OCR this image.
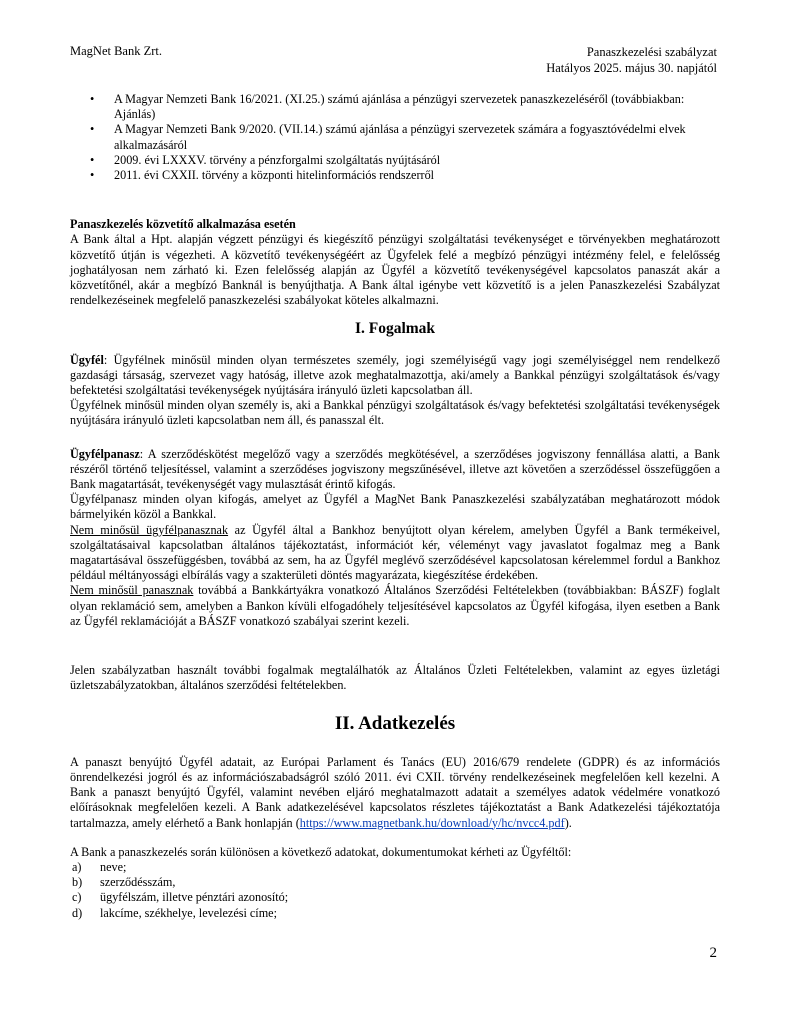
MagNet Bank Zrt.	Panaszkezelési szabályzat
Hatályos 2025. május 30. napjától
• A Magyar Nemzeti Bank 16/2021. (XI.25.) számú ajánlása a pénzügyi szervezetek panaszkezeléséről (továbbiakban: Ajánlás)
• A Magyar Nemzeti Bank 9/2020. (VII.14.) számú ajánlása a pénzügyi szervezetek számára a fogyasztóvédelmi elvek alkalmazásáról
• 2009. évi LXXXV. törvény a pénzforgalmi szolgáltatás nyújtásáról
• 2011. évi CXXII. törvény a központi hitelinformációs rendszerről

Panaszkezelés közvetítő alkalmazása esetén

A Bank által a Hpt. alapján végzett pénzügyi és kiegészítő pénzügyi szolgáltatási tevékenységet e törvényekben meghatározott közvetítő útján is végezheti. A közvetítő tevékenységéért az Ügyfelek felé a megbízó pénzügyi intézmény felel, e felelősség joghatályosan nem zárható ki. Ezen felelősség alapján az Ügyfél a közvetítő tevékenységével kapcsolatos panaszát akár a közvetítőnél, akár a megbízó Banknál is benyújthatja. A Bank által igénybe vett közvetítő is a jelen Panaszkezelési Szabályzat rendelkezéseinek megfelelő panaszkezelési szabályokat köteles alkalmazni.

I. Fogalmak

Ügyfél: Ügyfélnek minősül minden olyan természetes személy, jogi személyiségű vagy jogi személyiséggel nem rendelkező gazdasági társaság, szervezet vagy hatóság, illetve azok meghatalmazottja, aki/amely a Bankkal pénzügyi szolgáltatások és/vagy befektetési szolgáltatási tevékenységek nyújtására irányuló üzleti kapcsolatban áll.

Ügyfélnek minősül minden olyan személy is, aki a Bankkal pénzügyi szolgáltatások és/vagy befektetési szolgáltatási tevékenységek nyújtására irányuló üzleti kapcsolatban nem áll, és panasszal élt.

Ügyfélpanasz: A szerződéskötést megelőző vagy a szerződés megkötésével, a szerződéses jogviszony fennállása alatti, a Bank részéről történő teljesítéssel, valamint a szerződéses jogviszony megszűnésével, illetve azt követően a szerződéssel összefüggően a Bank magatartását, tevékenységét vagy mulasztását érintő kifogás.

Ügyfélpanasz minden olyan kifogás, amelyet az Ügyfél a MagNet Bank Panaszkezelési szabályzatában meghatározott módok bármelyikén közöl a Bankkal.

Nem minősül ügyfélpanasznak az Ügyfél által a Bankhoz benyújtott olyan kérelem, amelyben Ügyfél a Bank termékeivel, szolgáltatásaival kapcsolatban általános tájékoztatást, információt kér, véleményt vagy javaslatot fogalmaz meg a Bank magatartásával összefüggésben, továbbá az sem, ha az Ügyfél meglévő szerződésével kapcsolatosan kérelemmel fordul a Bankhoz például méltányossági elbírálás vagy a szakterületi döntés magyarázata, kiegészítése érdekében.

Nem minősül panasznak továbbá a Bankkártyákra vonatkozó Általános Szerződési Feltételekben (továbbiakban: BÁSZF) foglalt olyan reklamáció sem, amelyben a Bankon kívüli elfogadóhely teljesítésével kapcsolatos az Ügyfél kifogása, ilyen esetben a Bank az Ügyfél reklamációját a BÁSZF vonatkozó szabályai szerint kezeli.

Jelen szabályzatban használt további fogalmak megtalálhatók az Általános Üzleti Feltételekben, valamint az egyes üzletági üzletszabályzatokban, általános szerződési feltételekben.

II. Adatkezelés

A panaszt benyújtó Ügyfél adatait, az Európai Parlament és Tanács (EU) 2016/679 rendelete (GDPR) és az információs önrendelkezési jogról és az információszabadságról szóló 2011. évi CXII. törvény rendelkezéseinek megfelelően kell kezelni. A Bank a panaszt benyújtó Ügyfél, valamint nevében eljáró meghatalmazott adatait a személyes adatok védelmére vonatkozó előírásoknak megfelelően kezeli. A Bank adatkezelésével kapcsolatos részletes tájékoztatást a Bank Adatkezelési tájékoztatója tartalmazza, amely elérhető a Bank honlapján (https://www.magnetbank.hu/download/y/hc/nvcc4.pdf).

A Bank a panaszkezelés során különösen a következő adatokat, dokumentumokat kérheti az Ügyféltől:

a) neve;
b) szerződésszám,
c) ügyfélszám, illetve pénztári azonosító;
d) lakcíme, székhelye, levelezési címe;
2
